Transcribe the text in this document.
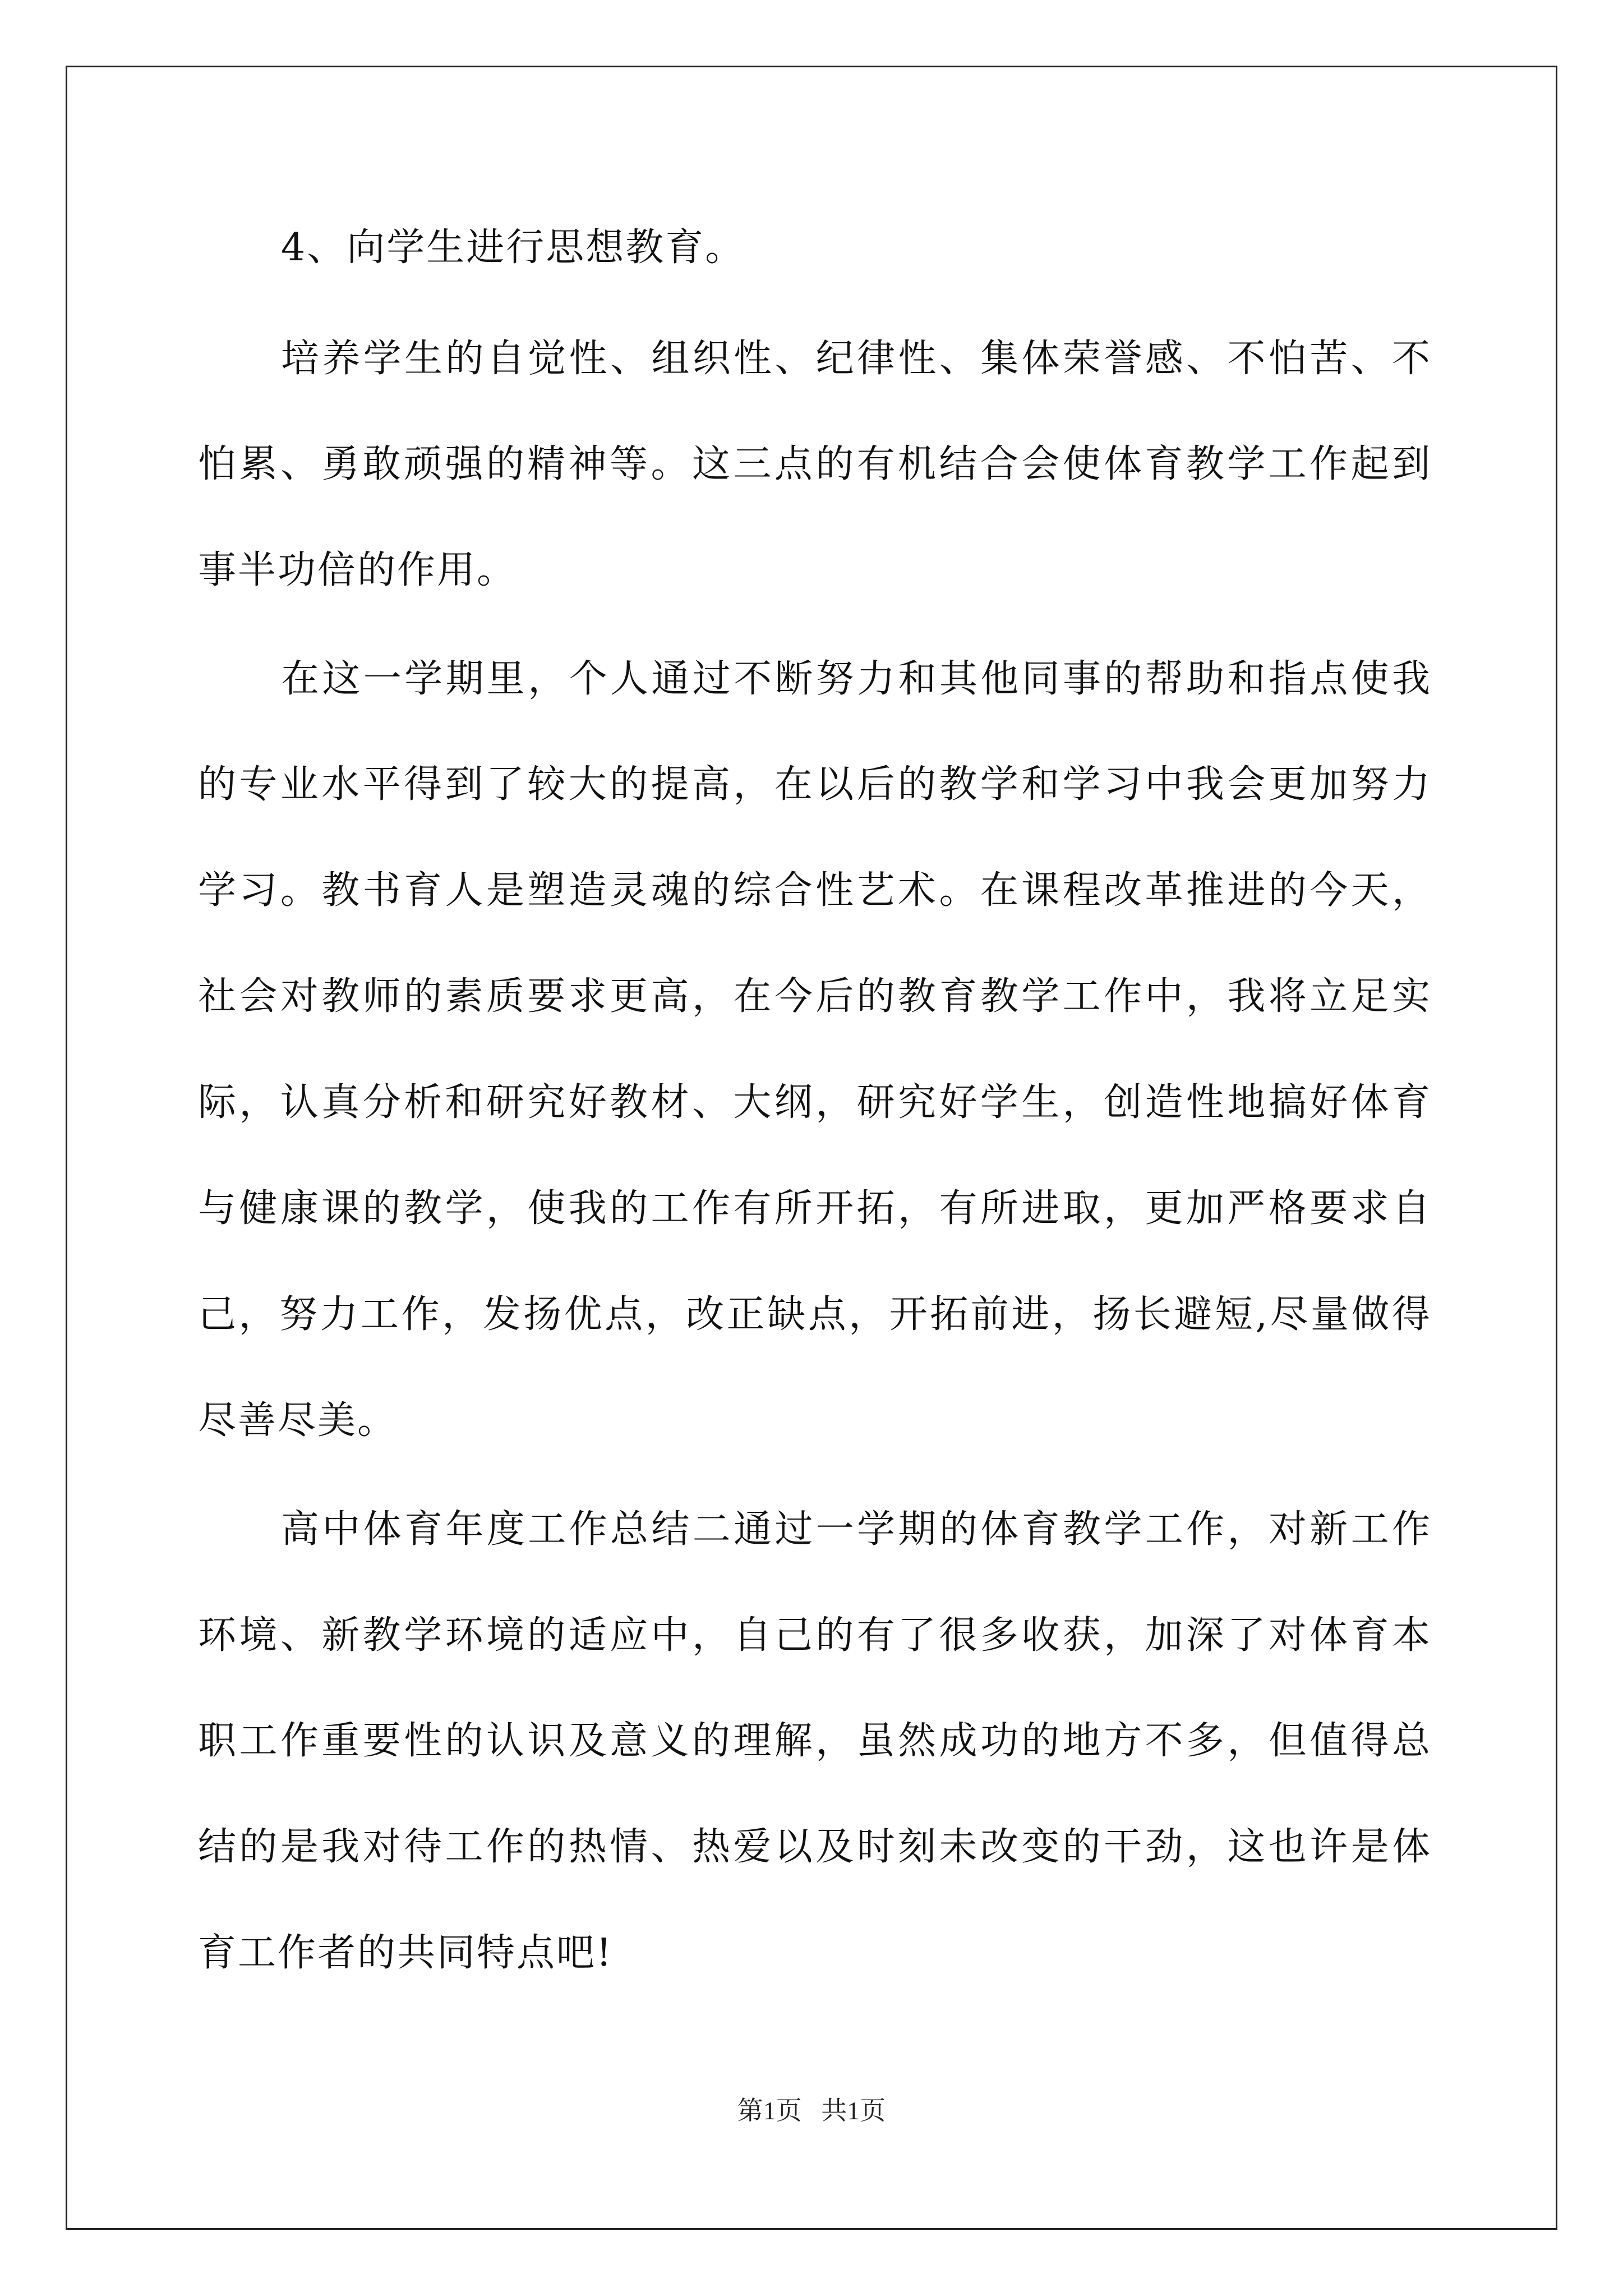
4、向学生进行思想教育。
培养学生的自觉性、组织性、纪律性、集体荣誉感、不怕苦、不
怕累、勇敢顽强的精神等。这三点的有机结合会使体育教学工作起到
事半功倍的作用。
在这一学期里，个人通过不断努力和其他同事的帮助和指点使我
的专业水平得到了较大的提高，在以后的教学和学习中我会更加努力
学习。教书育人是塑造灵魂的综合性艺术。在课程改革推进的今天，
社会对教师的素质要求更高，在今后的教育教学工作中，我将立足实
际，认真分析和研究好教材、大纲，研究好学生，创造性地搞好体育
与健康课的教学，使我的工作有所开拓，有所进取，更加严格要求自
己，努力工作，发扬优点，改正缺点，开拓前进，扬长避短,尽量做得
尽善尽美。
高中体育年度工作总结二通过一学期的体育教学工作，对新工作
环境、新教学环境的适应中，自己的有了很多收获，加深了对体育本
职工作重要性的认识及意义的理解，虽然成功的地方不多，但值得总
结的是我对待工作的热情、热爱以及时刻未改变的干劲，这也许是体
育工作者的共同特点吧!
第1页   共1页
